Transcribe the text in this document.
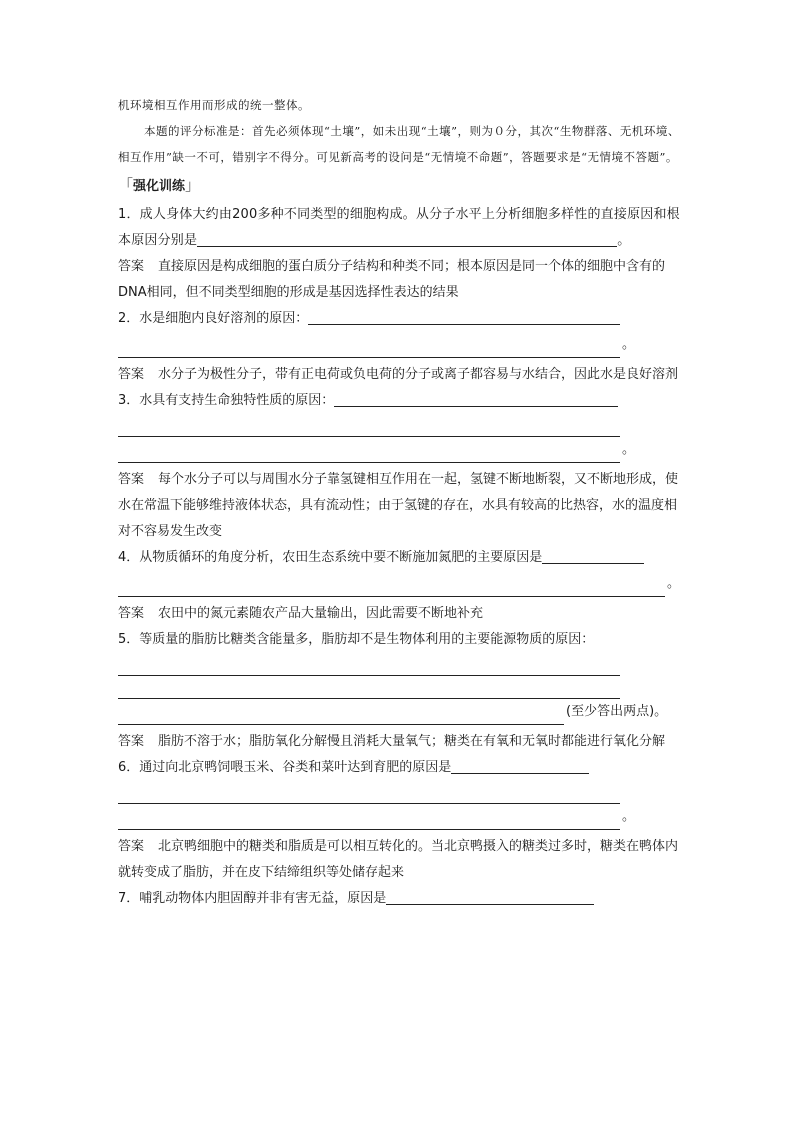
机环境相互作用而形成的统一整体。

本题的评分标准是：首先必须体现“土壤”，如未出现“土壤”，则为０分，其次“生物群落、无机环境、相互作用”缺一不可，错别字不得分。可见新高考的设问是“无情境不命题”，答题要求是“无情境不答题”。

「强化训练」

1．成人身体大约由200多种不同类型的细胞构成。从分子水平上分析细胞多样性的直接原因和根本原因分别是	。

答案 直接原因是构成细胞的蛋白质分子结构和种类不同；根本原因是同一个体的细胞中含有的DNA相同，但不同类型细胞的形成是基因选择性表达的结果

2．水是细胞内良好溶剂的原因：

。

答案 水分子为极性分子，带有正电荷或负电荷的分子或离子都容易与水结合，因此水是良好溶剂

3．水具有支持生命独特性质的原因：

。

答案 每个水分子可以与周围水分子靠氢键相互作用在一起，氢键不断地断裂，又不断地形成，使水在常温下能够维持液体状态，具有流动性；由于氢键的存在，水具有较高的比热容，水的温度相对不容易发生改变

4．从物质循环的角度分析，农田生态系统中要不断施加氮肥的主要原因是

。

答案 农田中的氮元素随农产品大量输出，因此需要不断地补充

5．等质量的脂肪比糖类含能量多，脂肪却不是生物体利用的主要能源物质的原因：

(至少答出两点)。

答案 脂肪不溶于水；脂肪氧化分解慢且消耗大量氧气；糖类在有氧和无氧时都能进行氧化分解

6．通过向北京鸭饲喂玉米、谷类和菜叶达到育肥的原因是

。

答案 北京鸭细胞中的糖类和脂质是可以相互转化的。当北京鸭摄入的糖类过多时，糖类在鸭体内就转变成了脂肪，并在皮下结缔组织等处储存起来

7．哺乳动物体内胆固醇并非有害无益，原因是
